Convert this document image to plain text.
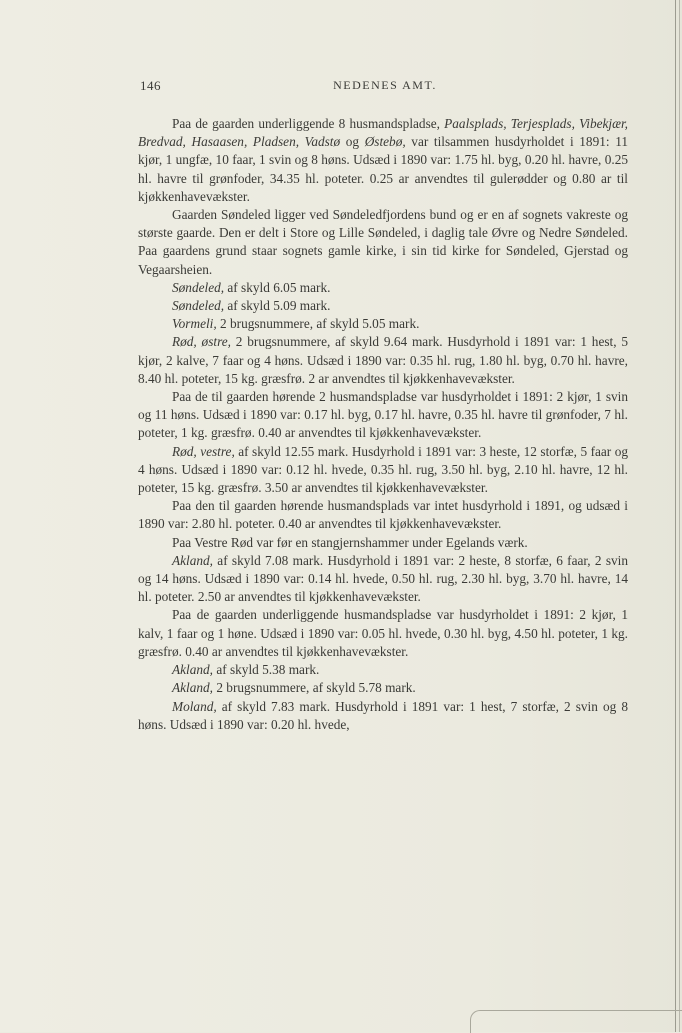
146	NEDENES AMT.

Paa de gaarden underliggende 8 husmandspladse, Paalsplads, Terjesplads, Vibekjær, Bredvad, Hasaasen, Pladsen, Vadstø og Østebø, var tilsammen husdyrholdet i 1891: 11 kjør, 1 ungfæ, 10 faar, 1 svin og 8 høns. Udsæd i 1890 var: 1.75 hl. byg, 0.20 hl. havre, 0.25 hl. havre til grønfoder, 34.35 hl. poteter. 0.25 ar anvendtes til gulerødder og 0.80 ar til kjøkkenhavevækster.

Gaarden Søndeled ligger ved Søndeledfjordens bund og er en af sognets vakreste og største gaarde. Den er delt i Store og Lille Søndeled, i daglig tale Øvre og Nedre Søndeled. Paa gaardens grund staar sognets gamle kirke, i sin tid kirke for Søndeled, Gjerstad og Vegaarsheien.

Søndeled, af skyld 6.05 mark.

Søndeled, af skyld 5.09 mark.

Vormeli, 2 brugsnummere, af skyld 5.05 mark.

Rød, østre, 2 brugsnummere, af skyld 9.64 mark. Husdyrhold i 1891 var: 1 hest, 5 kjør, 2 kalve, 7 faar og 4 høns. Udsæd i 1890 var: 0.35 hl. rug, 1.80 hl. byg, 0.70 hl. havre, 8.40 hl. poteter, 15 kg. græsfrø. 2 ar anvendtes til kjøkkenhavevækster.

Paa de til gaarden hørende 2 husmandspladse var husdyrholdet i 1891: 2 kjør, 1 svin og 11 høns. Udsæd i 1890 var: 0.17 hl. byg, 0.17 hl. havre, 0.35 hl. havre til grønfoder, 7 hl. poteter, 1 kg. græsfrø. 0.40 ar anvendtes til kjøkkenhavevækster.

Rød, vestre, af skyld 12.55 mark. Husdyrhold i 1891 var: 3 heste, 12 storfæ, 5 faar og 4 høns. Udsæd i 1890 var: 0.12 hl. hvede, 0.35 hl. rug, 3.50 hl. byg, 2.10 hl. havre, 12 hl. poteter, 15 kg. græsfrø. 3.50 ar anvendtes til kjøkkenhavevækster.

Paa den til gaarden hørende husmandsplads var intet husdyrhold i 1891, og udsæd i 1890 var: 2.80 hl. poteter. 0.40 ar anvendtes til kjøkkenhavevækster.

Paa Vestre Rød var før en stangjernshammer under Egelands værk.

Akland, af skyld 7.08 mark. Husdyrhold i 1891 var: 2 heste, 8 storfæ, 6 faar, 2 svin og 14 høns. Udsæd i 1890 var: 0.14 hl. hvede, 0.50 hl. rug, 2.30 hl. byg, 3.70 hl. havre, 14 hl. poteter. 2.50 ar anvendtes til kjøkkenhavevækster.

Paa de gaarden underliggende husmandspladse var husdyrholdet i 1891: 2 kjør, 1 kalv, 1 faar og 1 høne. Udsæd i 1890 var: 0.05 hl. hvede, 0.30 hl. byg, 4.50 hl. poteter, 1 kg. græsfrø. 0.40 ar anvendtes til kjøkkenhavevækster.

Akland, af skyld 5.38 mark.

Akland, 2 brugsnummere, af skyld 5.78 mark.

Moland, af skyld 7.83 mark. Husdyrhold i 1891 var: 1 hest, 7 storfæ, 2 svin og 8 høns. Udsæd i 1890 var: 0.20 hl. hvede,
